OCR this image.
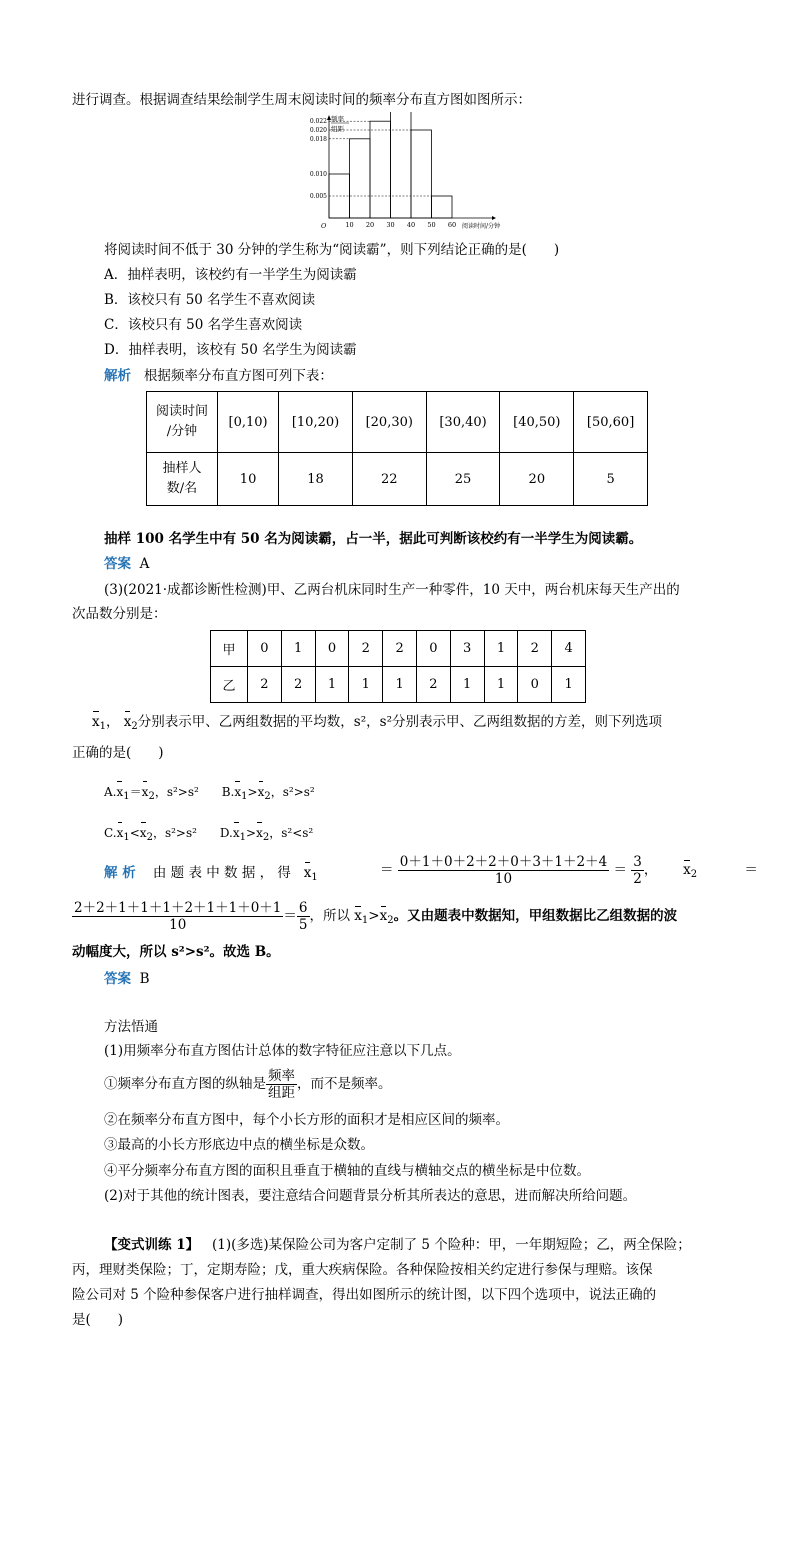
进行调查。根据调查结果绘制学生周末阅读时间的频率分布直方图如图所示：
频率
组距
O
0.022
0.020
0.018
0.010
0.005
10 20 30 40 50 60 阅读时间/分钟
将阅读时间不低于 30 分钟的学生称为“阅读霸”，则下列结论正确的是(　　)
A．抽样表明，该校约有一半学生为阅读霸
B．该校只有 50 名学生不喜欢阅读
C．该校只有 50 名学生喜欢阅读
D．抽样表明，该校有 50 名学生为阅读霸
解析 根据频率分布直方图可列下表：
阅读时间
/分钟	[0,10)	[10,20)	[20,30)	[30,40)	[40,50)	[50,60]
抽样人
数/名	10	18	22	25	20	5
抽样 100 名学生中有 50 名为阅读霸，占一半，据此可判断该校约有一半学生为阅读霸。
答案 A
(3)(2021·成都诊断性检测)甲、乙两台机床同时生产一种零件，10 天中，两台机床每天生产出的
次品数分别是：
甲	0	1	0	2	2	0	3	1	2	4
乙	2	2	1	1	1	2	1	1	0	1
$x_1$， $x_2$分别表示甲、乙两组数据的平均数，s²，s²分别表示甲、乙两组数据的方差，则下列选项
正确的是(　　)
$A.x_1=x_2$，s²>s² $B.x_1>x_2$，s²>s²
$C.x_1<x_2$，s²>s² $D.x_1>x_2$，s²<s²
解 析 由 题 表 中 数 据 ， 得 $x_1$	＝ $\frac{0+1+0+2+2+0+3+1+2+4}{10} = \frac{3}{2}$ ，      $x_2$	＝
$\frac{2+2+1+1+1+2+1+1+0+1}{10} = \frac{6}{5}$ ，所以 $x_1>x_2$。又由题表中数据知，甲组数据比乙组数据的波
动幅度大，所以 s²>s²。故选 B。
答案 B
方法悟通
(1)用频率分布直方图估计总体的数字特征应注意以下几点。
①频率分布直方图的纵轴是 $\frac{\text{频率}}{\text{组距}}$ ，而不是频率。
②在频率分布直方图中，每个小长方形的面积才是相应区间的频率。
③最高的小长方形底边中点的横坐标是众数。
④平分频率分布直方图的面积且垂直于横轴的直线与横轴交点的横坐标是中位数。
(2)对于其他的统计图表，要注意结合问题背景分析其所表达的意思，进而解决所给问题。
【变式训练 1】 (1)(多选)某保险公司为客户定制了 5 个险种：甲，一年期短险；乙，两全保险；
丙，理财类保险；丁，定期寿险；戊，重大疾病保险。各种保险按相关约定进行参保与理赔。该保
险公司对 5 个险种参保客户进行抽样调查，得出如图所示的统计图，以下四个选项中，说法正确的
是(　　)
